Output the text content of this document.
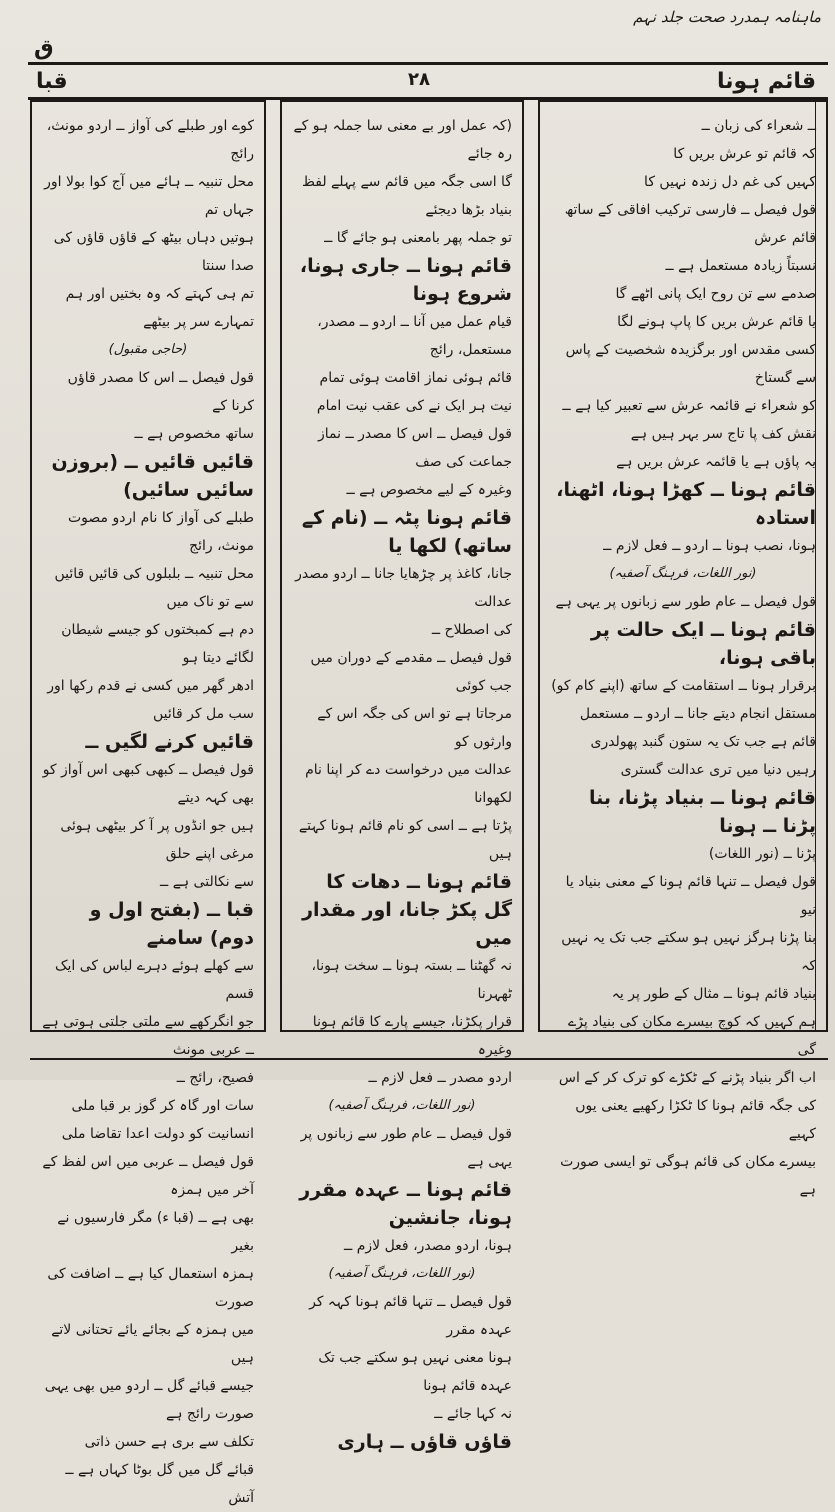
ماہنامہ ہمدرد صحت جلد نہم
ق
قبا	۲۸	قائم ہونا

ــ شعراء کی زبان ــ

کہ قائم تو عرش بریں کا

کہیں کی غم دل زندہ نہیں کا

قول فیصل ــ فارسی ترکیب افاقی کے ساتھ قائم عرش

نسبتاً زیادہ مستعمل ہے ــ

صدمے سے تن روح ایک پانی اٹھے گا

یا قائم عرش بریں کا پاپ ہونے لگا

کسی مقدس اور برگزیدہ شخصیت کے پاس سے گستاخ

کو شعراء نے قائمہ عرش سے تعبیر کیا ہے ــ

نقش کف پا تاج سر بہر ہیں ہے

یہ پاؤں ہے یا قائمہ عرش بریں ہے

قائم ہونا ــ کھڑا ہونا، اٹھنا، استادہ

ہونا، نصب ہونا ــ اردو ــ فعل لازم ــ

(نور اللغات، فرہنگ آصفیہ)

قول فیصل ــ عام طور سے زبانوں پر یہی ہے

قائم ہونا ــ ایک حالت پر باقی ہونا،

برقرار ہونا ــ استقامت کے ساتھ (اپنے کام کو)

مستقل انجام دیتے جانا ــ اردو ــ مستعمل

قائم ہے جب تک یہ ستون گنبد پھولدری

رہیں دنیا میں تری عدالت گستری

قائم ہونا ــ بنیاد پڑنا، بنا پڑنا ــ ہونا

پڑنا ــ (نور اللغات)

قول فیصل ــ تنہا قائم ہونا کے معنی بنیاد یا نیو

بنا پڑنا ہرگز نہیں ہو سکتے جب تک یہ نہیں کہ

بنیاد قائم ہونا ــ مثال کے طور پر یہ

ہم کہیں کہ کوچ بیسرے مکان کی بنیاد پڑے گی

اب اگر بنیاد پڑنے کے ٹکڑے کو ترک کر کے اس

کی جگہ قائم ہونا کا ٹکڑا رکھیے یعنی یوں کہیے

بیسرے مکان کی قائم ہوگی تو ایسی صورت ہے

(کہ عمل اور بے معنی سا جملہ ہو کے رہ جائے

گا اسی جگہ میں قائم سے پہلے لفظ بنیاد بڑھا دیجئے

تو جملہ پھر بامعنی ہو جائے گا ــ

قائم ہونا ــ جاری ہونا، شروع ہونا

قیام عمل میں آنا ــ اردو ــ مصدر، مستعمل، رائج

قائم ہوئی نماز اقامت ہوئی تمام

نیت ہر ایک نے کی عقب نیت امام

قول فیصل ــ اس کا مصدر ــ نماز جماعت کی صف

وغیرہ کے لیے مخصوص ہے ــ

قائم ہونا پٹہ ــ (نام کے ساتھ) لکھا یا

جانا، کاغذ پر چڑھایا جانا ــ اردو مصدر عدالت

کی اصطلاح ــ

قول فیصل ــ مقدمے کے دوران میں جب کوئی

مرجاتا ہے تو اس کی جگہ اس کے وارثوں کو

عدالت میں درخواست دے کر اپنا نام لکھوانا

پڑتا ہے ــ اسی کو نام قائم ہونا کہتے ہیں

قائم ہونا ــ دھات کا گل پکڑ جانا، اور مقدار میں

نہ گھٹنا ــ بستہ ہونا ــ سخت ہونا، ٹھہرنا

قرار پکڑنا، جیسے پارے کا قائم ہونا وغیرہ

اردو مصدر ــ فعل لازم ــ

(نور اللغات، فرہنگ آصفیہ)

قول فیصل ــ عام طور سے زبانوں پر یہی ہے

قائم ہونا ــ عہدہ مقرر ہونا، جانشین

ہونا، اردو مصدر، فعل لازم ــ

(نور اللغات، فرہنگ آصفیہ)

قول فیصل ــ تنہا قائم ہونا کہہ کر عہدہ مقرر

ہونا معنی نہیں ہو سکتے جب تک عہدہ قائم ہونا

نہ کہا جائے ــ

قاؤں قاؤں ــ ہاری

کوے اور طبلے کی آواز ــ اردو مونث، رائج

محل تنبیہ ــ ہائے میں آج کوا بولا اور جہاں تم

ہوتیں دہاں بیٹھ کے قاؤں قاؤں کی صدا سنتا

تم ہی کہتے کہ وہ بختیں اور ہم تمہارے سر پر بیٹھے

(حاجی مقبول)

قول فیصل ــ اس کا مصدر قاؤں کرنا کے

ساتھ مخصوص ہے ــ

قائیں قائیں ــ (بروزن سائیں سائیں)

طبلے کی آواز کا نام اردو مصوت مونث، رائج

محل تنبیہ ــ بلبلوں کی قائیں قائیں سے تو ناک میں

دم ہے کمبختوں کو جیسے شیطان لگائے دیتا ہو

ادھر گھر میں کسی نے قدم رکھا اور سب مل کر قائیں

قائیں کرنے لگیں ــ

قول فیصل ــ کبھی کبھی اس آواز کو بھی کہہ دیتے

ہیں جو انڈوں پر آ کر بیٹھی ہوئی مرغی اپنے حلق

سے نکالتی ہے ــ

قبا ــ (بفتح اول و دوم) سامنے

سے کھلے ہوئے دہرے لباس کی ایک قسم

جو انگرکھے سے ملتی جلتی ہوتی ہے ــ عربی مونث

فصیح، رائج ــ

سات اور گاہ کر گوز بر قبا ملی

انسانیت کو دولت اعدا تقاضا ملی

قول فیصل ــ عربی میں اس لفظ کے آخر میں ہمزہ

بھی ہے ــ (قبا ء) مگر فارسیوں نے بغیر

ہمزہ استعمال کیا ہے ــ اضافت کی صورت

میں ہمزہ کے بجائے یائے تحتانی لاتے ہیں

جیسے قبائے گل ــ اردو میں بھی یہی صورت رائج ہے

تکلف سے بری ہے حسن ذاتی

قبائے گل میں گل بوٹا کہاں ہے ــ آتش
